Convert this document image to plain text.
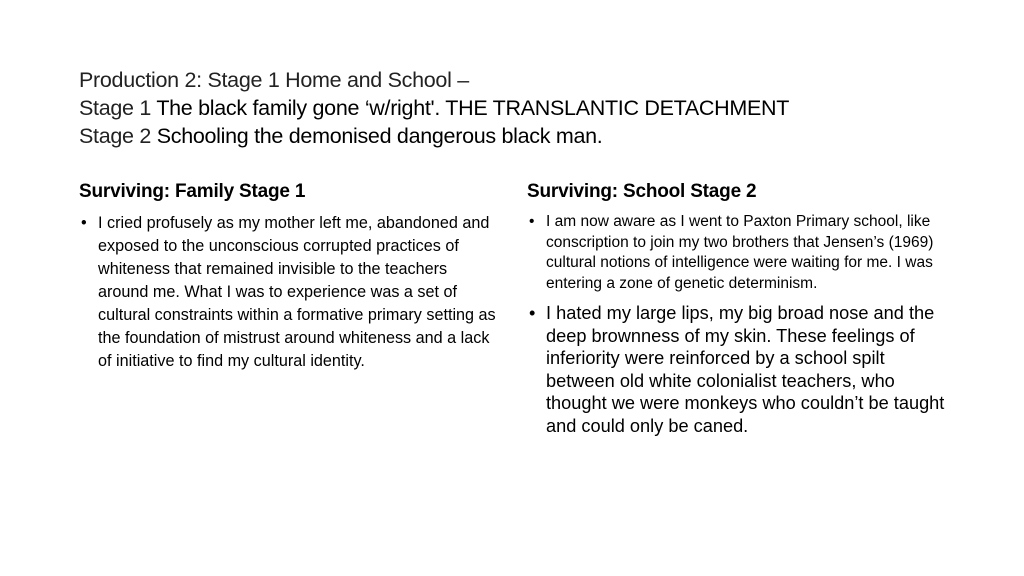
Production 2: Stage 1 Home and School –
Stage 1 The black family gone ‘w/right'. THE TRANSLANTIC DETACHMENT
Stage 2 Schooling the demonised dangerous black man.
Surviving: Family Stage 1
• I cried profusely as my mother left me, abandoned and exposed to the unconscious corrupted practices of whiteness that remained invisible to the teachers around me. What I was to experience was a set of cultural constraints within a formative primary setting as the foundation of mistrust around whiteness and a lack of initiative to find my cultural identity.
Surviving: School Stage 2
• I am now aware as I went to Paxton Primary school, like conscription to join my two brothers that Jensen’s (1969) cultural notions of intelligence were waiting for me. I was entering a zone of genetic determinism.
• I hated my large lips, my big broad nose and the deep brownness of my skin. These feelings of inferiority were reinforced by a school spilt between old white colonialist teachers, who thought we were monkeys who couldn’t be taught and could only be caned.
